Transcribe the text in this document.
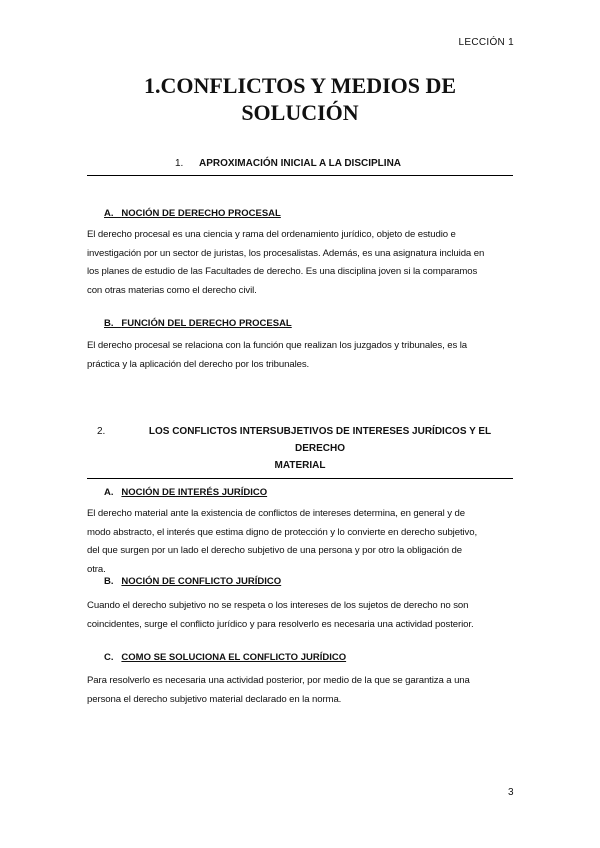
LECCIÓN 1
1.CONFLICTOS Y MEDIOS DE
SOLUCIÓN
1.	APROXIMACIÓN INICIAL A LA DISCIPLINA
A. NOCIÓN DE DERECHO PROCESAL
El derecho procesal es una ciencia y rama del ordenamiento jurídico, objeto de estudio e
investigación por un sector de juristas, los procesalistas. Además, es una asignatura incluida en
los planes de estudio de las Facultades de derecho. Es una disciplina joven si la comparamos
con otras materias como el derecho civil.
B. FUNCIÓN DEL DERECHO PROCESAL
El derecho procesal se relaciona con la función que realizan los juzgados y tribunales, es la
práctica y la aplicación del derecho por los tribunales.
2.	LOS CONFLICTOS INTERSUBJETIVOS DE INTERESES JURÍDICOS Y EL DERECHO
MATERIAL
A. NOCIÓN DE INTERÉS JURÍDICO
El derecho material ante la existencia de conflictos de intereses determina, en general y de
modo abstracto, el interés que estima digno de protección y lo convierte en derecho subjetivo,
del que surgen por un lado el derecho subjetivo de una persona y por otro la obligación de
otra.
B. NOCIÓN DE CONFLICTO JURÍDICO
Cuando el derecho subjetivo no se respeta o los intereses de los sujetos de derecho no son
coincidentes, surge el conflicto jurídico y para resolverlo es necesaria una actividad posterior.
C. COMO SE SOLUCIONA EL CONFLICTO JURÍDICO
Para resolverlo es necesaria una actividad posterior, por medio de la que se garantiza a una
persona el derecho subjetivo material declarado en la norma.
3
